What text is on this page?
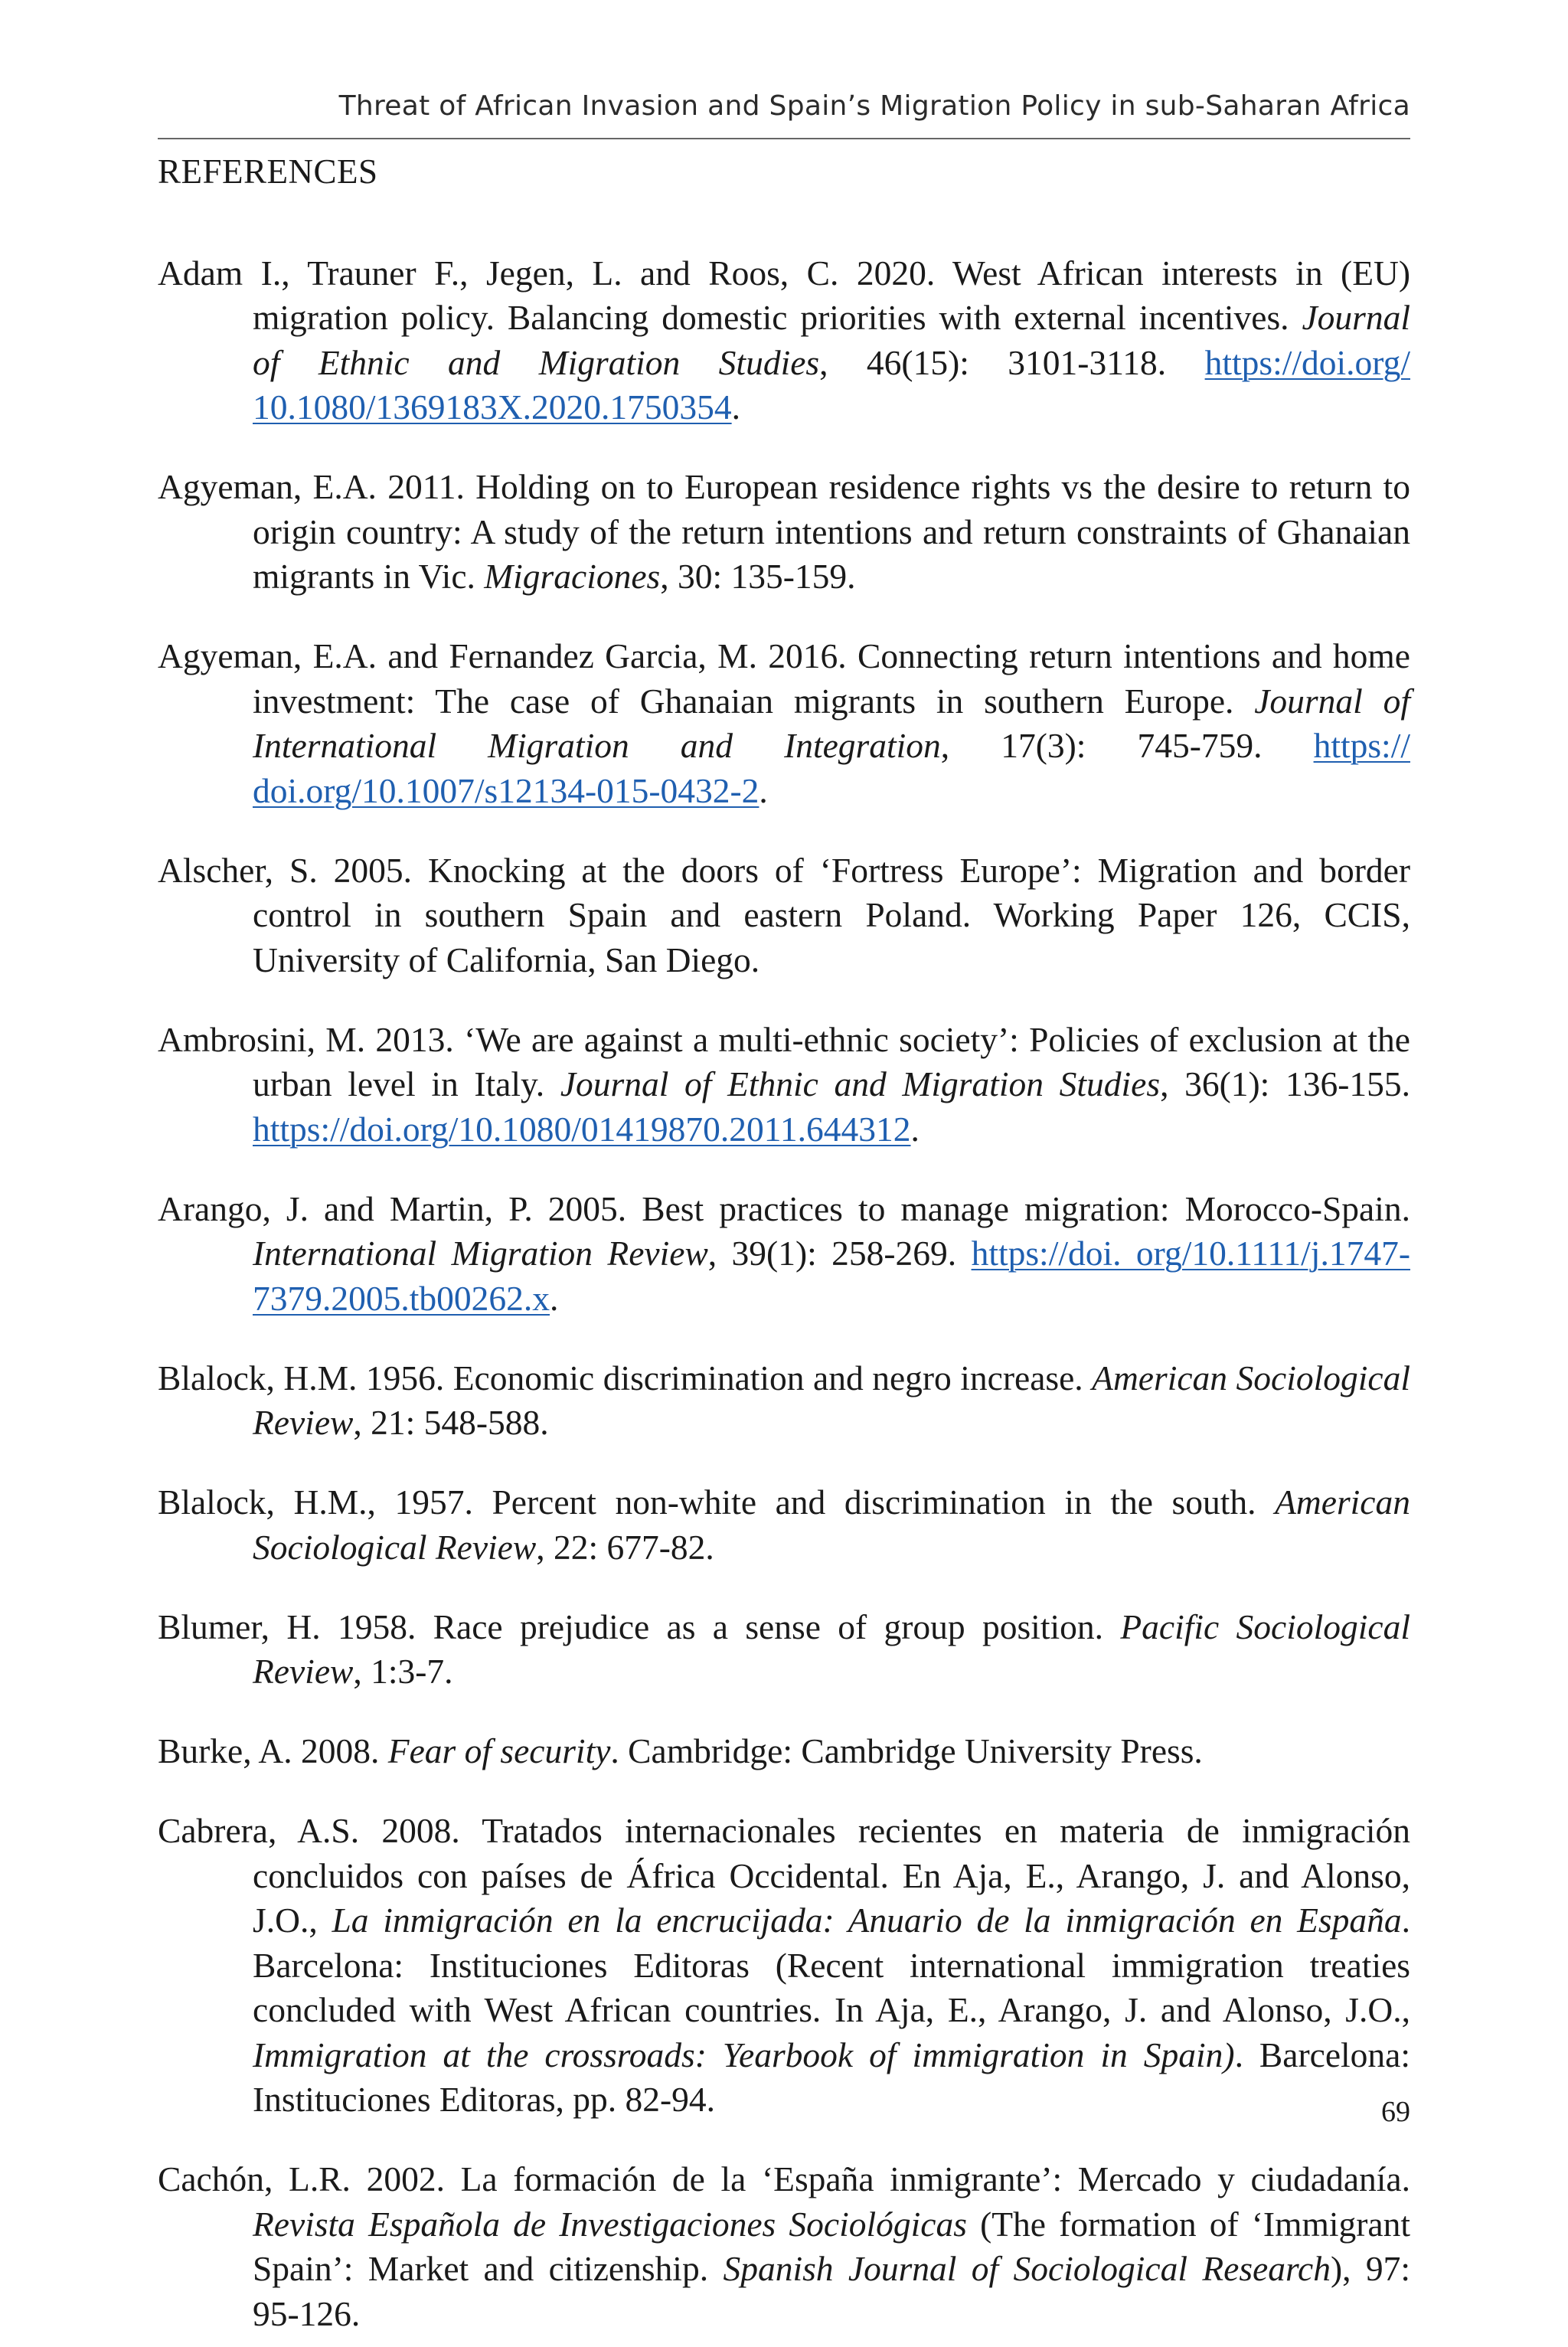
Threat of African Invasion and Spain’s Migration Policy in sub-Saharan Africa
REFERENCES

Adam I., Trauner F., Jegen, L. and Roos, C. 2020. West African interests in (EU) migration policy. Balancing domestic priorities with external incentives. Journal of Ethnic and Migration Studies, 46(15): 3101-3118. https://doi.org/ 10.1080/1369183X.2020.1750354.

Agyeman, E.A. 2011. Holding on to European residence rights vs the desire to return to origin country: A study of the return intentions and return constraints of Ghanaian migrants in Vic. Migraciones, 30: 135-159.

Agyeman, E.A. and Fernandez Garcia, M. 2016. Connecting return intentions and home investment: The case of Ghanaian migrants in southern Europe. Journal of International Migration and Integration, 17(3): 745-759. https:// doi.org/10.1007/s12134-015-0432-2.

Alscher, S. 2005. Knocking at the doors of ‘Fortress Europe’: Migration and border control in southern Spain and eastern Poland. Working Paper 126, CCIS, University of California, San Diego.

Ambrosini, M. 2013. ‘We are against a multi-ethnic society’: Policies of exclusion at the urban level in Italy. Journal of Ethnic and Migration Studies, 36(1): 136-155. https://doi.org/10.1080/01419870.2011.644312.

Arango, J. and Martin, P. 2005. Best practices to manage migration: Morocco-Spain. International Migration Review, 39(1): 258-269. https://doi. org/10.1111/j.1747-7379.2005.tb00262.x.

Blalock, H.M. 1956. Economic discrimination and negro increase. American Sociological Review, 21: 548-588.

Blalock, H.M., 1957. Percent non-white and discrimination in the south. American Sociological Review, 22: 677-82.

Blumer, H. 1958. Race prejudice as a sense of group position. Pacific Sociological Review, 1:3-7.

Burke, A. 2008. Fear of security. Cambridge: Cambridge University Press.

Cabrera, A.S. 2008. Tratados internacionales recientes en materia de inmigración concluidos con países de África Occidental. En Aja, E., Arango, J. and Alonso, J.O., La inmigración en la encrucijada: Anuario de la inmigración en España. Barcelona: Instituciones Editoras (Recent international immigration treaties concluded with West African countries. In Aja, E., Arango, J. and Alonso, J.O., Immigration at the crossroads: Yearbook of immigration in Spain). Barcelona: Instituciones Editoras, pp. 82-94.

Cachón, L.R. 2002. La formación de la ‘España inmigrante’: Mercado y ciudadanía. Revista Española de Investigaciones Sociológicas (The formation of ‘Immigrant Spain’: Market and citizenship. Spanish Journal of Sociological Research), 97: 95-126.

69
